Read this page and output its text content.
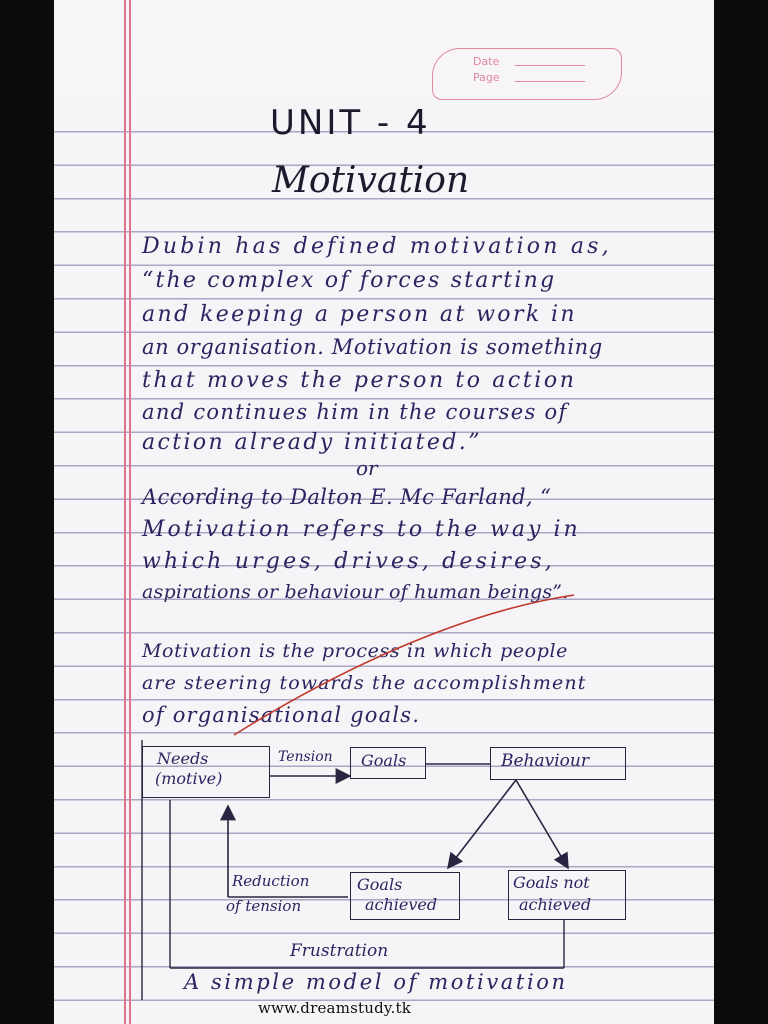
Date
Page
UNIT - 4
Motivation
Dubin has defined motivation as,
“the complex of forces starting
and keeping a person at work in
an organisation. Motivation is something
that moves the person to action
and continues him in the courses of
action already initiated.”
or
According to Dalton E. Mc Farland, “
Motivation refers to the way in
which urges, drives, desires,
aspirations or behaviour of human beings”.
Motivation is the process in which people
are steering towards the accomplishment
of organisational goals.
Needs
(motive)
Tension Goals	Behaviour
Reduction
of tension
Goals
achieved
Goals not
achieved
Frustration
A simple model of motivation
www.dreamstudy.tk
